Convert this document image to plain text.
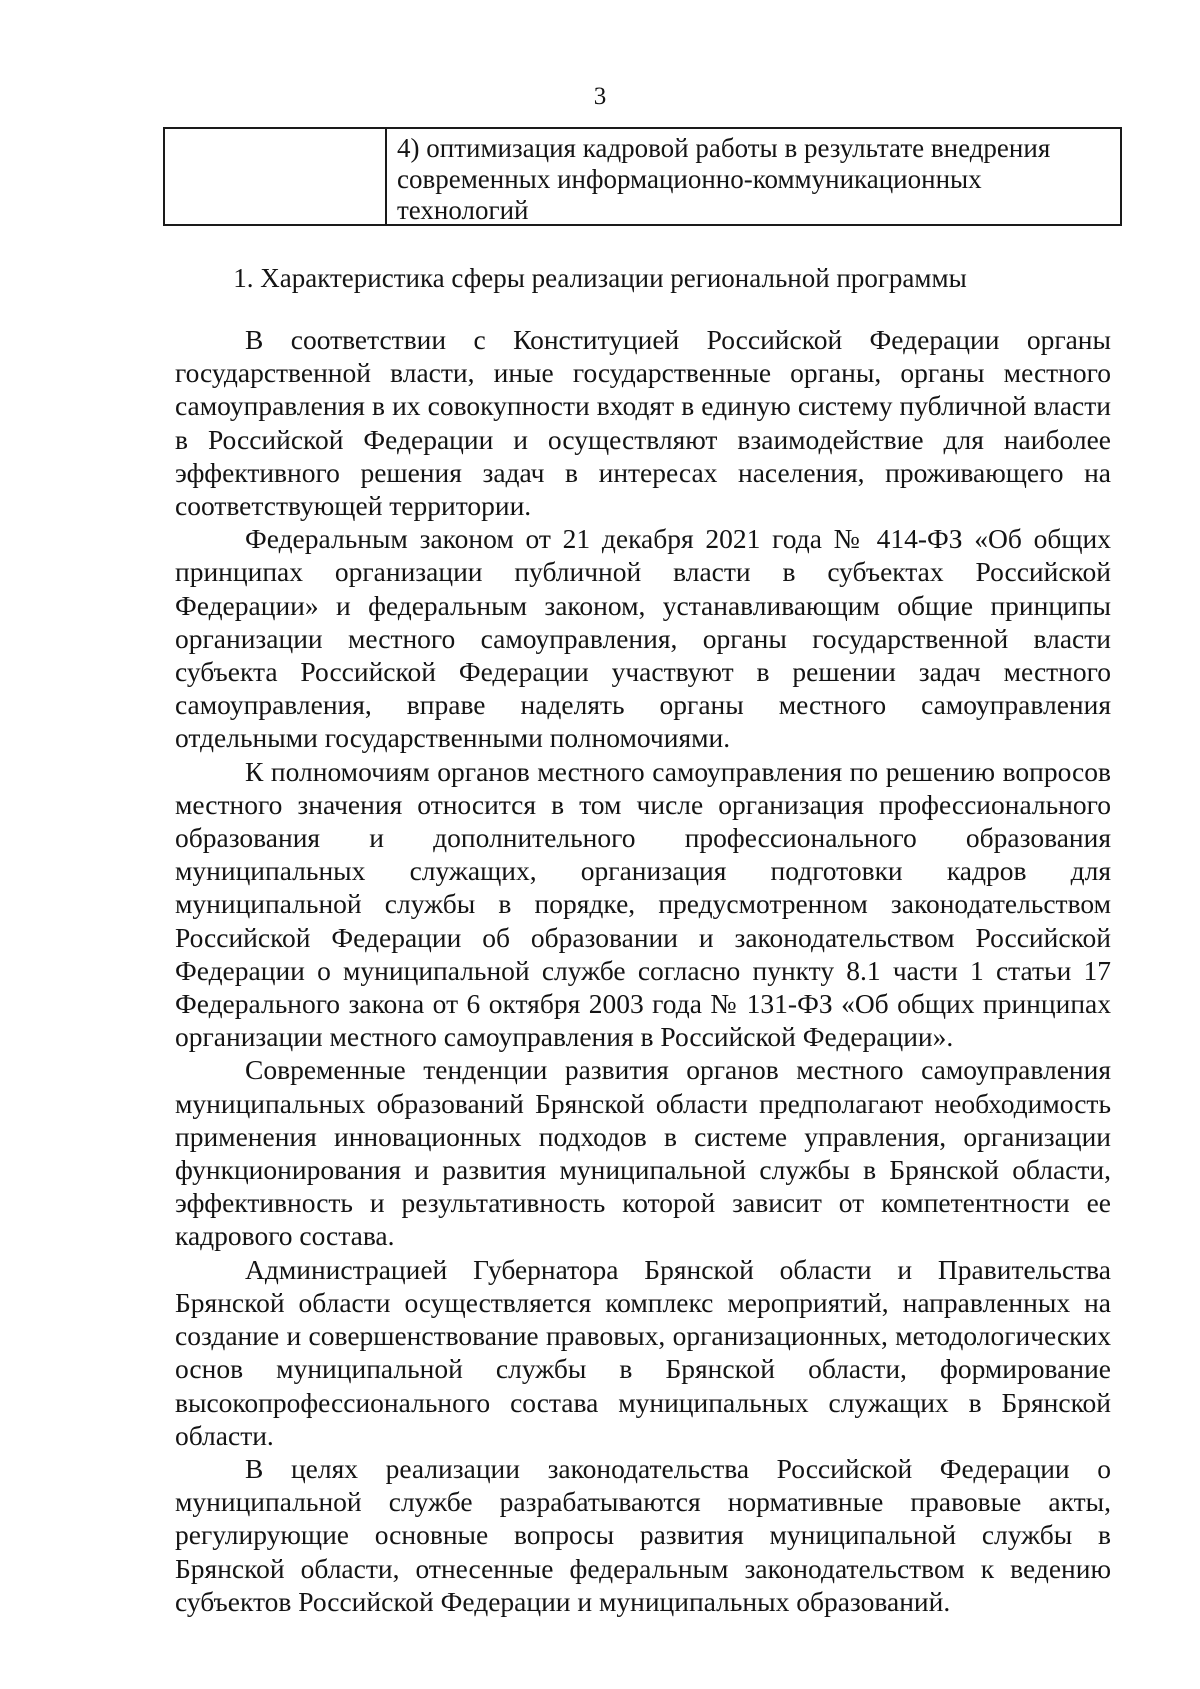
3
4) оптимизация кадровой работы в результате внедрения современных информационно-коммуникационных технологий
1. Характеристика сферы реализации региональной программы

В соответствии с Конституцией Российской Федерации органы государственной власти, иные государственные органы, органы местного самоуправления в их совокупности входят в единую систему публичной власти в Российской Федерации и осуществляют взаимодействие для наиболее эффективного решения задач в интересах населения, проживающего на соответствующей территории.

Федеральным законом от 21 декабря 2021 года № 414-ФЗ «Об общих принципах организации публичной власти в субъектах Российской Федерации» и федеральным законом, устанавливающим общие принципы организации местного самоуправления, органы государственной власти субъекта Российской Федерации участвуют в решении задач местного самоуправления, вправе наделять органы местного самоуправления отдельными государственными полномочиями.

К полномочиям органов местного самоуправления по решению вопросов местного значения относится в том числе организация профессионального образования и дополнительного профессионального образования муниципальных служащих, организация подготовки кадров для муниципальной службы в порядке, предусмотренном законодательством Российской Федерации об образовании и законодательством Российской Федерации о муниципальной службе согласно пункту 8.1 части 1 статьи 17 Федерального закона от 6 октября 2003 года № 131-ФЗ «Об общих принципах организации местного самоуправления в Российской Федерации».

Современные тенденции развития органов местного самоуправления муниципальных образований Брянской области предполагают необходимость применения инновационных подходов в системе управления, организации функционирования и развития муниципальной службы в Брянской области, эффективность и результативность которой зависит от компетентности ее кадрового состава.

Администрацией Губернатора Брянской области и Правительства Брянской области осуществляется комплекс мероприятий, направленных на создание и совершенствование правовых, организационных, методологических основ муниципальной службы в Брянской области, формирование высокопрофессионального состава муниципальных служащих в Брянской области.

В целях реализации законодательства Российской Федерации о муниципальной службе разрабатываются нормативные правовые акты, регулирующие основные вопросы развития муниципальной службы в Брянской области, отнесенные федеральным законодательством к ведению субъектов Российской Федерации и муниципальных образований.
